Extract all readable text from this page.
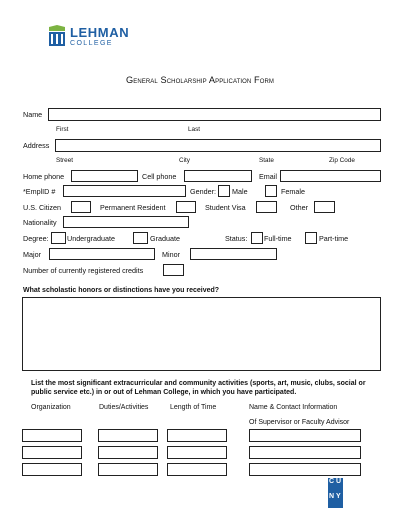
LEHMAN
COLLEGE
General Scholarship Application Form
Name
First	Last
Address
Street	City	State	Zip Code
Home phone	Cell phone	Email
*EmplID #	Gender: Male	Female
U.S. Citizen	Permanent Resident	Student Visa	Other
Nationality
Degree:	Undergraduate	Graduate	Status: Full-time	Part-time
Major	Minor
Number of currently registered credits
What scholastic honors or distinctions have you received?
List the most significant extracurricular and community activities (sports, art, music, clubs, social or public service etc.) in or out of Lehman College, in which you have participated.
Organization	Duties/Activities	Length of Time	Name & Contact Information
Of Supervisor or Faculty Advisor
C U
N Y
